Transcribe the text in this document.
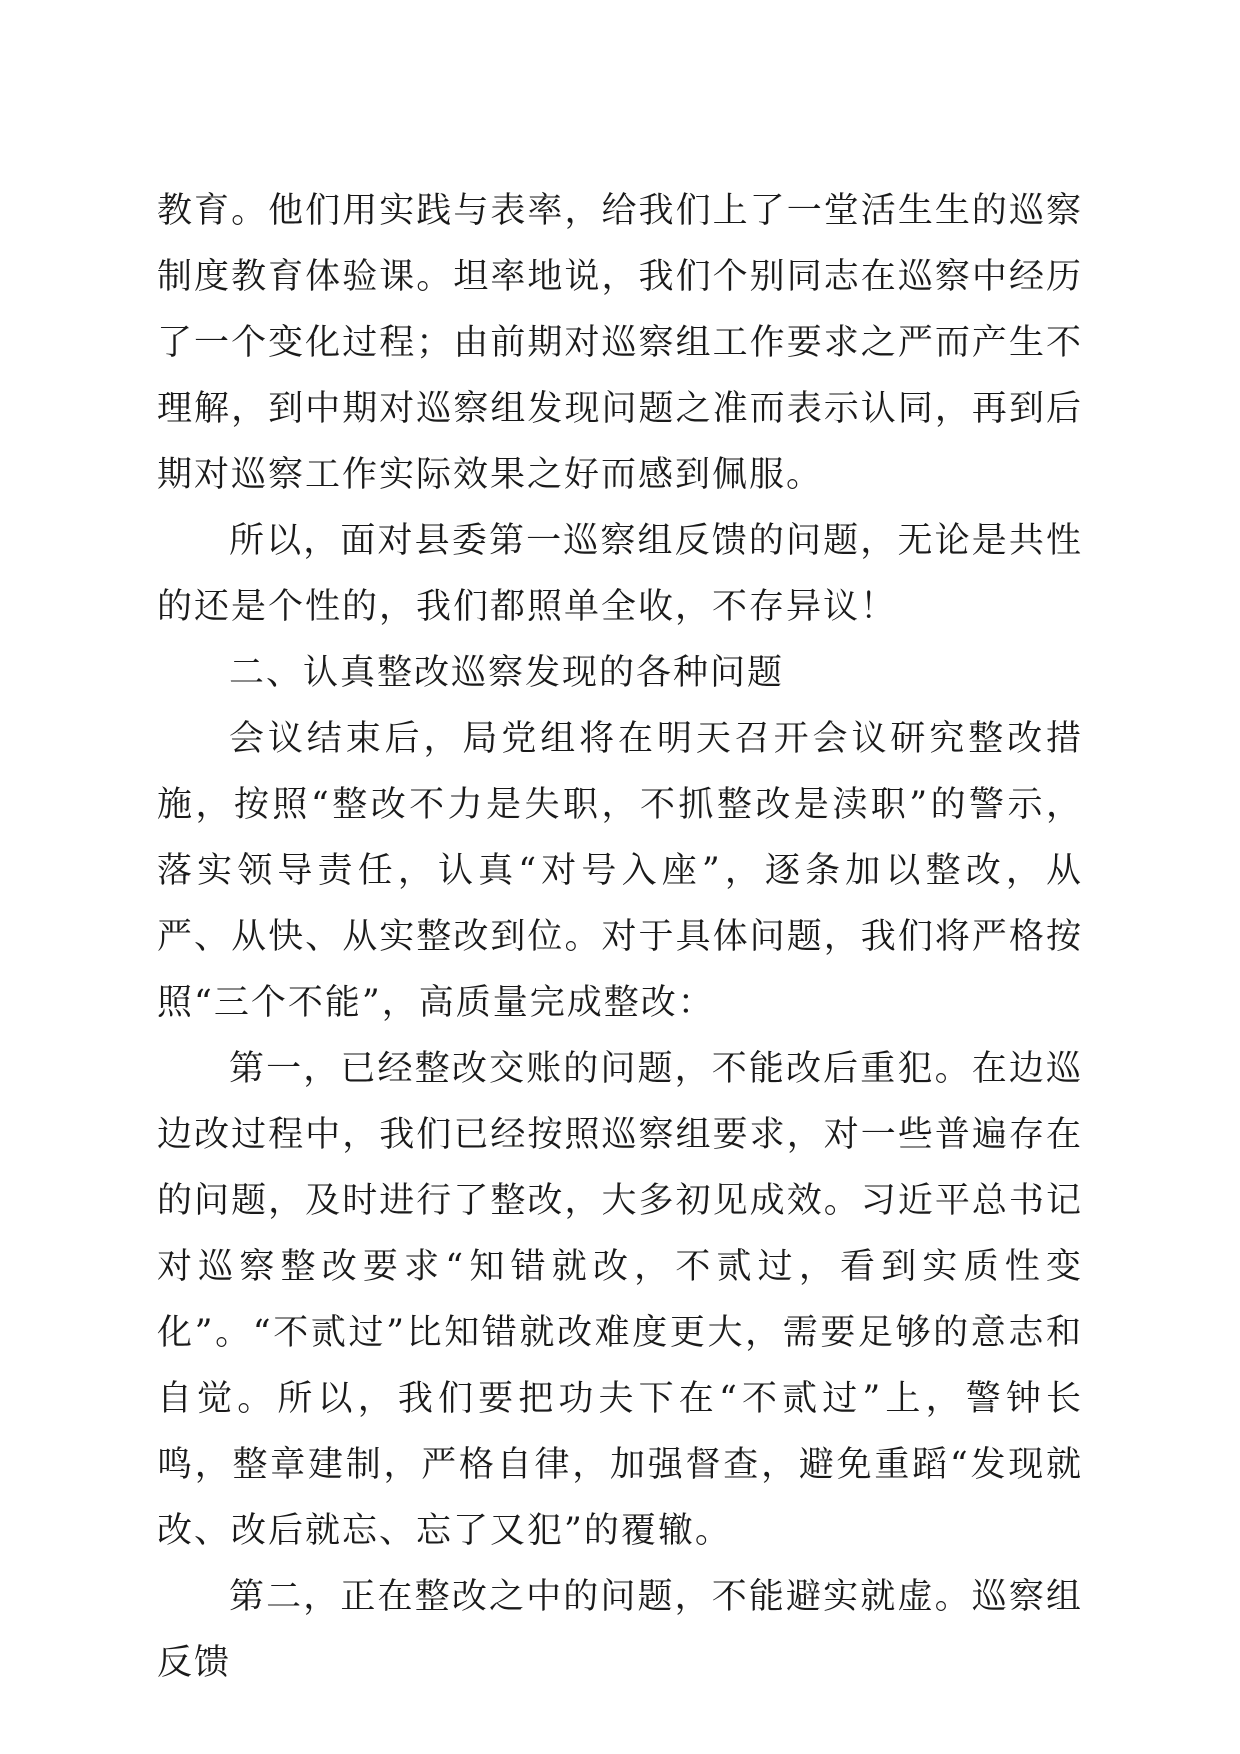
教育。他们用实践与表率，给我们上了一堂活生生的巡察制度教育体验课。坦率地说，我们个别同志在巡察中经历了一个变化过程；由前期对巡察组工作要求之严而产生不理解，到中期对巡察组发现问题之准而表示认同，再到后期对巡察工作实际效果之好而感到佩服。

所以，面对县委第一巡察组反馈的问题，无论是共性的还是个性的，我们都照单全收，不存异议！

二、认真整改巡察发现的各种问题

会议结束后，局党组将在明天召开会议研究整改措施，按照“整改不力是失职，不抓整改是渎职”的警示，落实领导责任，认真“对号入座”，逐条加以整改，从严、从快、从实整改到位。对于具体问题，我们将严格按照“三个不能”，高质量完成整改：

第一，已经整改交账的问题，不能改后重犯。在边巡边改过程中，我们已经按照巡察组要求，对一些普遍存在的问题，及时进行了整改，大多初见成效。习近平总书记对巡察整改要求“知错就改，不贰过，看到实质性变化”。“不贰过”比知错就改难度更大，需要足够的意志和自觉。所以，我们要把功夫下在“不贰过”上，警钟长鸣，整章建制，严格自律，加强督查，避免重蹈“发现就改、改后就忘、忘了又犯”的覆辙。

第二，正在整改之中的问题，不能避实就虚。巡察组反馈
